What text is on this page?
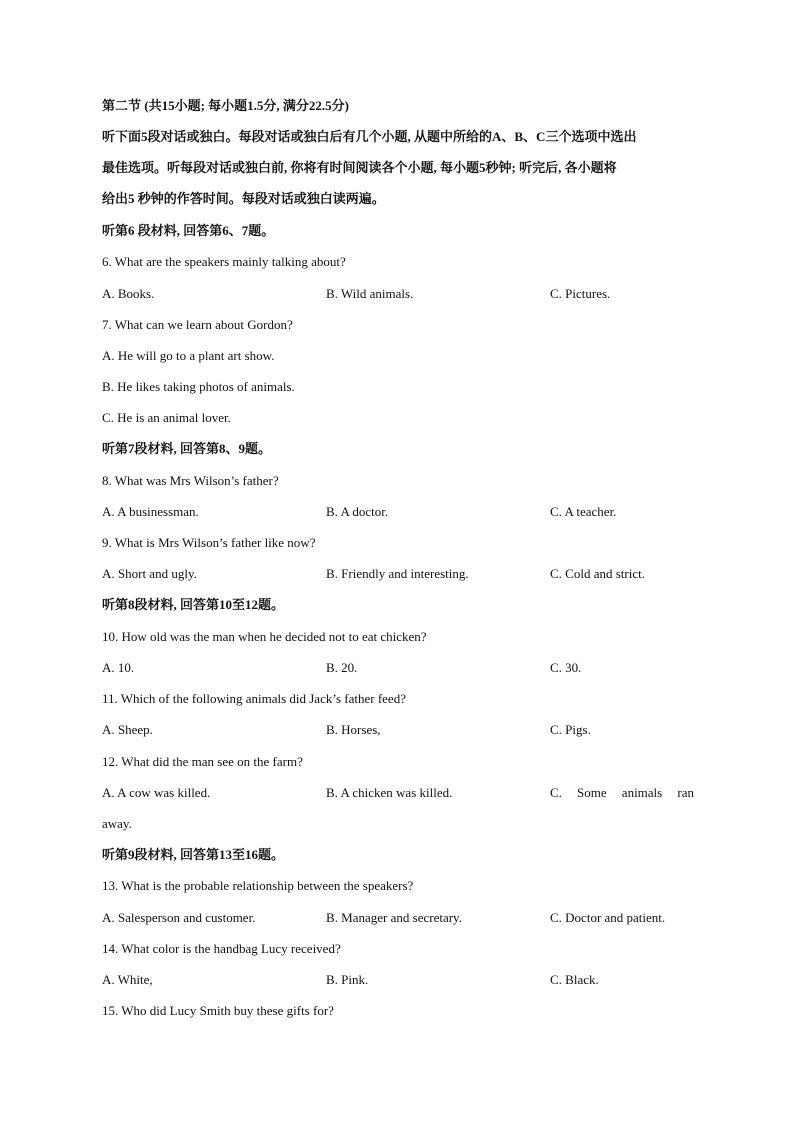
第二节 (共15小题; 每小题1.5分, 满分22.5分)
听下面5段对话或独白。每段对话或独白后有几个小题, 从题中所给的A、B、C三个选项中选出
最佳选项。听每段对话或独白前, 你将有时间阅读各个小题, 每小题5秒钟; 听完后, 各小题将
给出5 秒钟的作答时间。每段对话或独白读两遍。
听第6 段材料, 回答第6、7题。
6. What are the speakers mainly talking about?
A. Books.	B. Wild animals.	C. Pictures.
7. What can we learn about Gordon?
A. He will go to a plant art show.
B. He likes taking photos of animals.
C. He is an animal lover.
听第7段材料, 回答第8、9题。
8. What was Mrs Wilson’s father?
A. A businessman.	B. A doctor.	C. A teacher.
9. What is Mrs Wilson’s father like now?
A. Short and ugly.	B. Friendly and interesting.	C. Cold and strict.
听第8段材料, 回答第10至12题。
10. How old was the man when he decided not to eat chicken?
A. 10.	B. 20.	C. 30.
11. Which of the following animals did Jack’s father feed?
A. Sheep.	B. Horses,	C. Pigs.
12. What did the man see on the farm?
A. A cow was killed.	B. A chicken was killed.	C. Some animals ran
away.
听第9段材料, 回答第13至16题。
13. What is the probable relationship between the speakers?
A. Salesperson and customer.	B. Manager and secretary.	C. Doctor and patient.
14. What color is the handbag Lucy received?
A. White,	B. Pink.	C. Black.
15. Who did Lucy Smith buy these gifts for?
